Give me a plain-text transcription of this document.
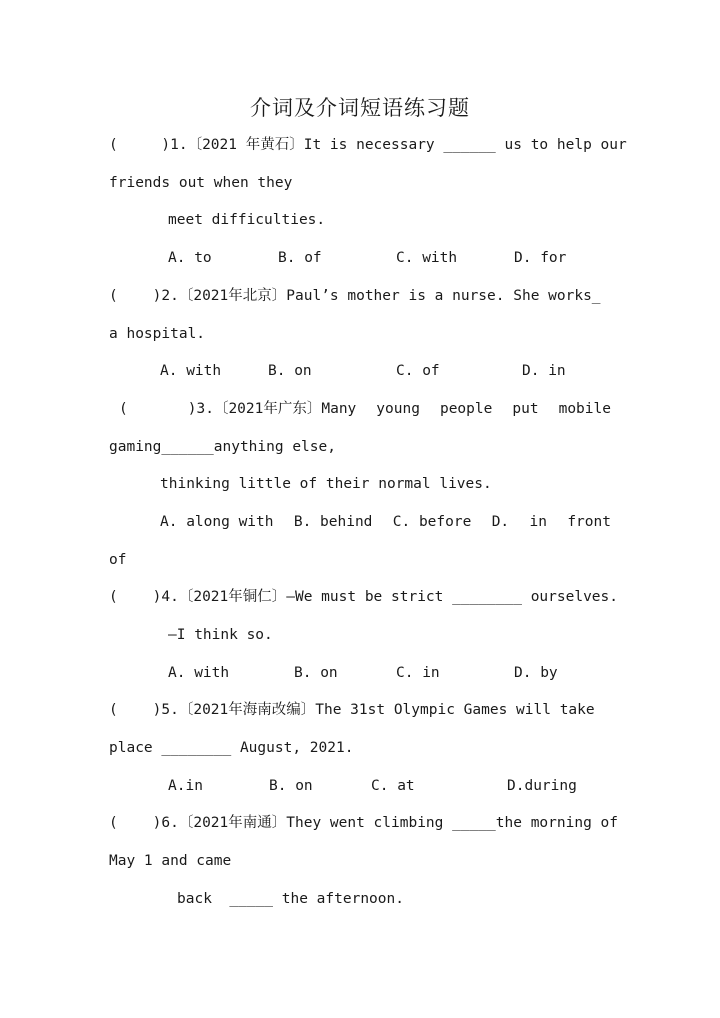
介词及介词短语练习题
(     )1.〔2021 年黄石〕It is necessary ______ us to help our
friends out when they
meet difficulties.
A. to	B. of	C. with	D. for
(    )2.〔2021年北京〕Paul’s mother is a nurse. She works_
a hospital.
A. with	B. on	C. of	D. in
(	)3.〔2021年广东〕Many young people put mobile
gaming______anything else,
thinking little of their normal lives.
A. along with B. behind C. before D. in front
of
(    )4.〔2021年铜仁〕—We must be strict ________ ourselves.
—I think so.
A. with	B. on	C. in	D. by
(    )5.〔2021年海南改编〕The 31st Olympic Games will take
place ________ August, 2021.
A.in	B. on	C. at	D.during
(    )6.〔2021年南通〕They went climbing _____the morning of
May 1 and came
back  _____ the afternoon.
